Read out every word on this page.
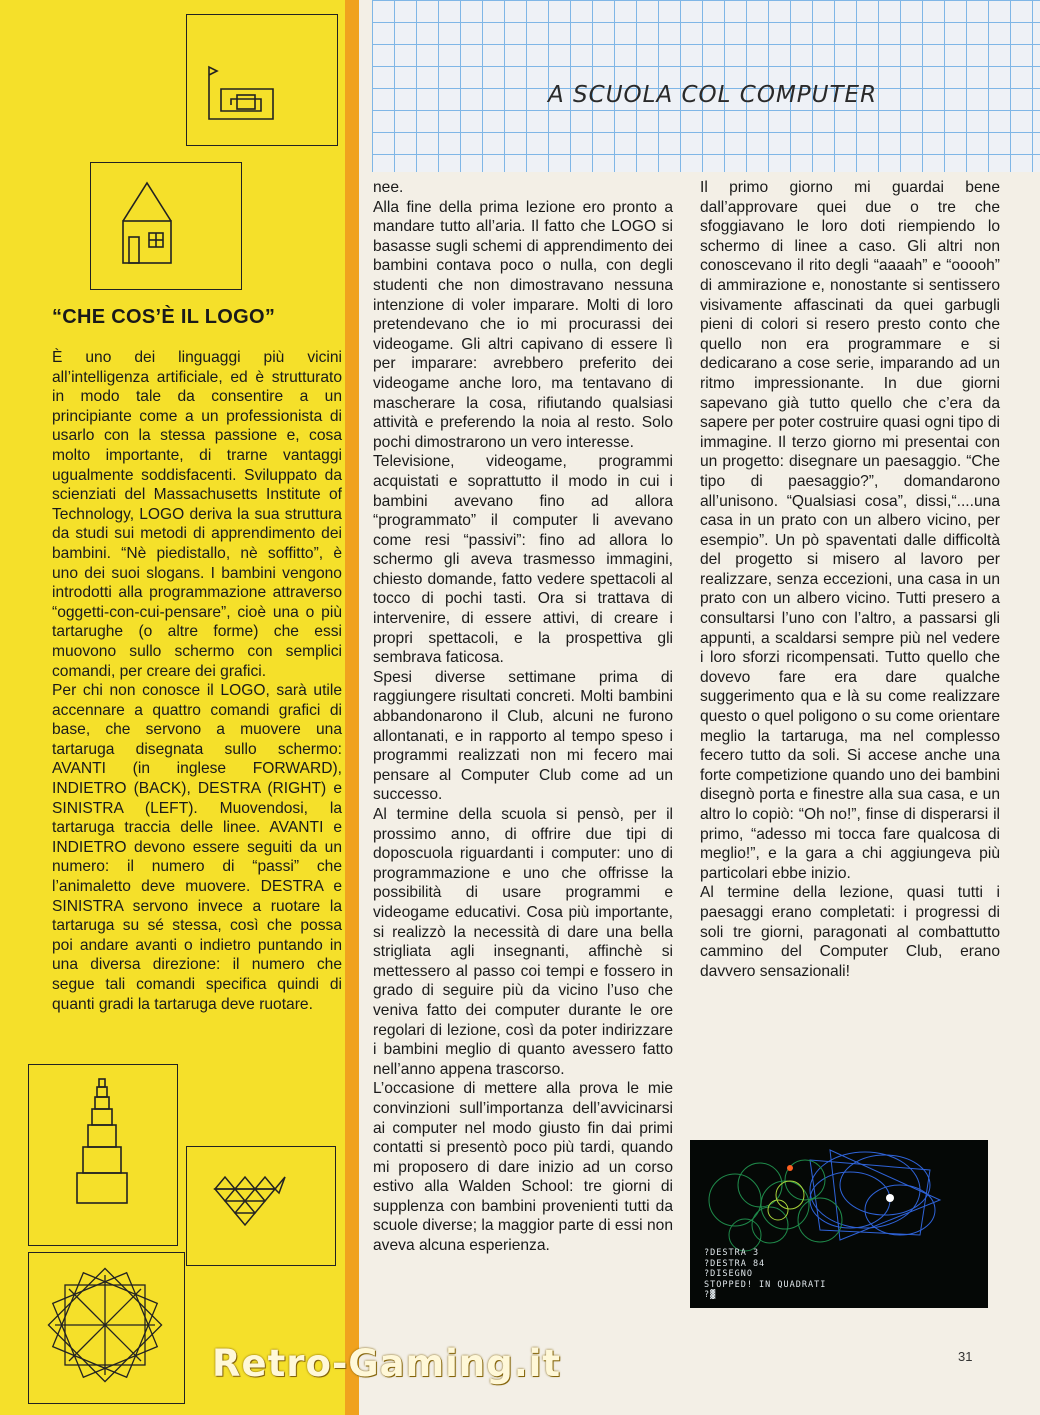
A SCUOLA COL COMPUTER
“CHE COS’È IL LOGO”

È uno dei linguaggi più vicini all’intelligenza artificiale, ed è strutturato in modo tale da consentire a un principiante come a un professionista di usarlo con la stessa passione e, cosa molto importante, di trarne vantaggi ugualmente soddisfacenti. Sviluppato da scienziati del Massachusetts Institute of Technology, LOGO deriva la sua struttura da studi sui metodi di apprendimento dei bambini. “Nè piedistallo, nè soffitto”, è uno dei suoi slogans. I bambini vengono introdotti alla programmazione attraverso “oggetti-con-cui-pensare”, cioè una o più tartarughe (o altre forme) che essi muovono sullo schermo con semplici comandi, per creare dei grafici.

Per chi non conosce il LOGO, sarà utile accennare a quattro comandi grafici di base, che servono a muovere una tartaruga disegnata sullo schermo: AVANTI (in inglese FORWARD), INDIETRO (BACK), DESTRA (RIGHT) e SINISTRA (LEFT). Muovendosi, la tartaruga traccia delle linee. AVANTI e INDIETRO devono essere seguiti da un numero: il numero di “passi” che l’animaletto deve muovere. DESTRA e SINISTRA servono invece a ruotare la tartaruga su sé stessa, così che possa poi andare avanti o indietro puntando in una diversa direzione: il numero che segue tali comandi specifica quindi di quanti gradi la tartaruga deve ruotare.

nee.

Alla fine della prima lezione ero pronto a mandare tutto all’aria. Il fatto che LOGO si basasse sugli schemi di apprendimento dei bambini contava poco o nulla, con degli studenti che non dimostravano nessuna intenzione di voler imparare. Molti di loro pretendevano che io mi procurassi dei videogame. Gli altri capivano di essere lì per imparare: avrebbero preferito dei videogame anche loro, ma tentavano di mascherare la cosa, rifiutando qualsiasi attività e preferendo la noia al resto. Solo pochi dimostrarono un vero interesse.

Televisione, videogame, programmi acquistati e soprattutto il modo in cui i bambini avevano fino ad allora “programmato” il computer li avevano come resi “passivi”: fino ad allora lo schermo gli aveva trasmesso immagini, chiesto domande, fatto vedere spettacoli al tocco di pochi tasti. Ora si trattava di intervenire, di essere attivi, di creare i propri spettacoli, e la prospettiva gli sembrava faticosa.

Spesi diverse settimane prima di raggiungere risultati concreti. Molti bambini abbandonarono il Club, alcuni ne furono allontanati, e in rapporto al tempo speso i programmi realizzati non mi fecero mai pensare al Computer Club come ad un successo.

Al termine della scuola si pensò, per il prossimo anno, di offrire due tipi di doposcuola riguardanti i computer: uno di programmazione e uno che offrisse la possibilità di usare programmi e videogame educativi. Cosa più importante, si realizzò la necessità di dare una bella strigliata agli insegnanti, affinchè si mettessero al passo coi tempi e fossero in grado di seguire più da vicino l’uso che veniva fatto dei computer durante le ore regolari di lezione, così da poter indirizzare i bambini meglio di quanto avessero fatto nell’anno appena trascorso.

L’occasione di mettere alla prova le mie convinzioni sull’importanza dell’avvicinarsi ai computer nel modo giusto fin dai primi contatti si presentò poco più tardi, quando mi proposero di dare inizio ad un corso estivo alla Walden School: tre giorni di supplenza con bambini provenienti tutti da scuole diverse; la maggior parte di essi non aveva alcuna esperienza.

Il primo giorno mi guardai bene dall’approvare quei due o tre che sfoggiavano le loro doti riempiendo lo schermo di linee a caso. Gli altri non conoscevano il rito degli “aaaah” e “ooooh” di ammirazione e, nonostante si sentissero visivamente affascinati da quei garbugli pieni di colori si resero presto conto che quello non era programmare e si dedicarano a cose serie, imparando ad un ritmo impressionante. In due giorni sapevano già tutto quello che c’era da sapere per poter costruire quasi ogni tipo di immagine. Il terzo giorno mi presentai con un progetto: disegnare un paesaggio. “Che tipo di paesaggio?”, domandarono all’unisono. “Qualsiasi cosa”, dissi,“....una casa in un prato con un albero vicino, per esempio”. Un pò spaventati dalle difficoltà del progetto si misero al lavoro per realizzare, senza eccezioni, una casa in un prato con un albero vicino. Tutti presero a consultarsi l’uno con l’altro, a passarsi gli appunti, a scaldarsi sempre più nel vedere i loro sforzi ricompensati. Tutto quello che dovevo fare era dare qualche suggerimento qua e là su come realizzare questo o quel poligono o su come orientare meglio la tartaruga, ma nel complesso fecero tutto da soli. Si accese anche una forte competizione quando uno dei bambini disegnò porta e finestre alla sua casa, e un altro lo copiò: “Oh no!”, finse di disperarsi il primo, “adesso mi tocca fare qualcosa di meglio!”, e la gara a chi aggiungeva più particolari ebbe inizio.

Al termine della lezione, quasi tutti i paesaggi erano completati: i progressi di soli tre giorni, paragonati al combattutto cammino del Computer Club, erano davvero sensazionali!

?DESTRA 3
?DESTRA 84
?DISEGNO
STOPPED! IN QUADRATI
?▓
Retro-Gaming.it	31
